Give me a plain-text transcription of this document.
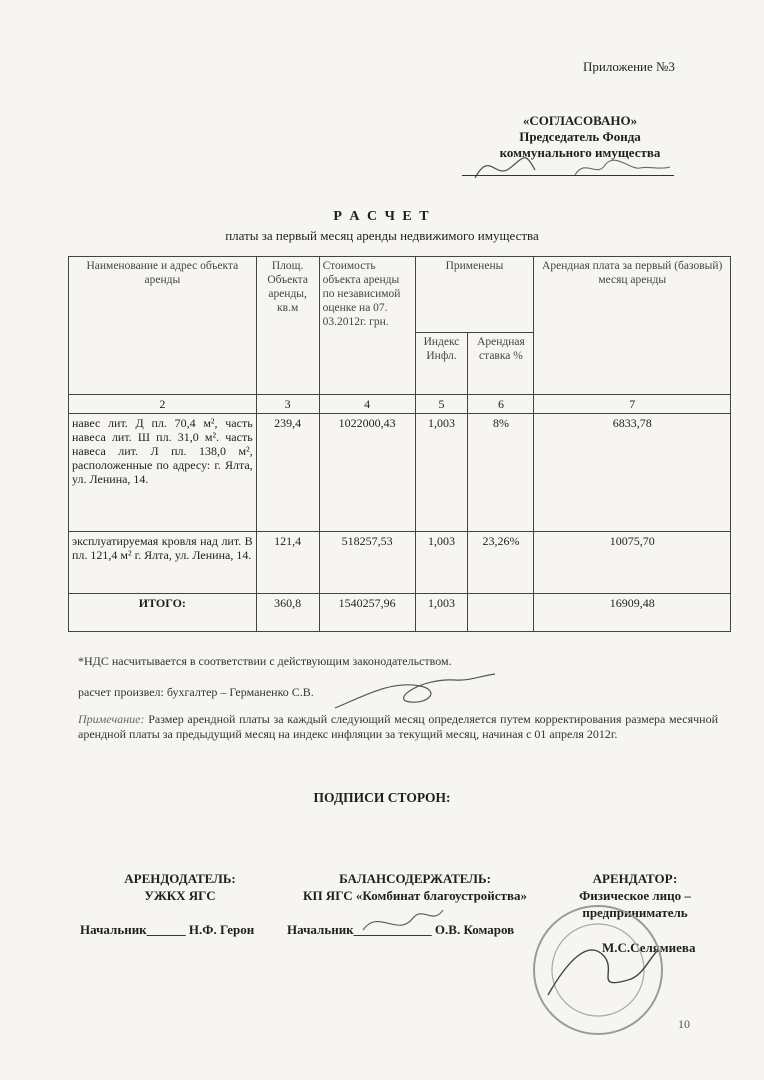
Приложение №3
«СОГЛАСОВАНО»
Председатель Фонда коммунального имущества
Р А С Ч Е Т
платы за первый месяц аренды недвижимого имущества
Наименование и адрес объекта аренды	Площ. Объекта аренды, кв.м	Стоимость объекта аренды по независимой оценке на 07. 03.2012г. грн.	Применены		Арендная плата за первый (базовый) месяц аренды
			Индекс Инфл.	Арендная ставка %	
2	3	4	5	6	7
навес лит. Д пл. 70,4 м², часть навеса лит. Ш пл. 31,0 м². часть навеса лит. Л пл. 138,0 м², расположенные по адресу: г. Ялта, ул. Ленина, 14.	239,4	1022000,43	1,003	8%	6833,78
эксплуатируемая кровля над лит. В пл. 121,4 м² г. Ялта, ул. Ленина, 14.	121,4	518257,53	1,003	23,26%	10075,70
ИТОГО:	360,8	1540257,96	1,003		16909,48
*НДС насчитывается в соответствии с действующим законодательством.
расчет произвел: бухгалтер – Германенко С.В.
Примечание: Размер арендной платы за каждый следующий месяц определяется путем корректирования размера месячной арендной платы за предыдущий месяц на индекс инфляции за текущий месяц, начиная с 01 апреля 2012г.
ПОДПИСИ СТОРОН:
АРЕНДОДАТЕЛЬ:
УЖКХ ЯГС
БАЛАНСОДЕРЖАТЕЛЬ:
КП ЯГС «Комбинат благоустройства»
АРЕНДАТОР:
Физическое лицо – предприниматель
Начальник______ Н.Ф. Герон	Начальник____________ О.В. Комаров
М.С.Селямиева
10
